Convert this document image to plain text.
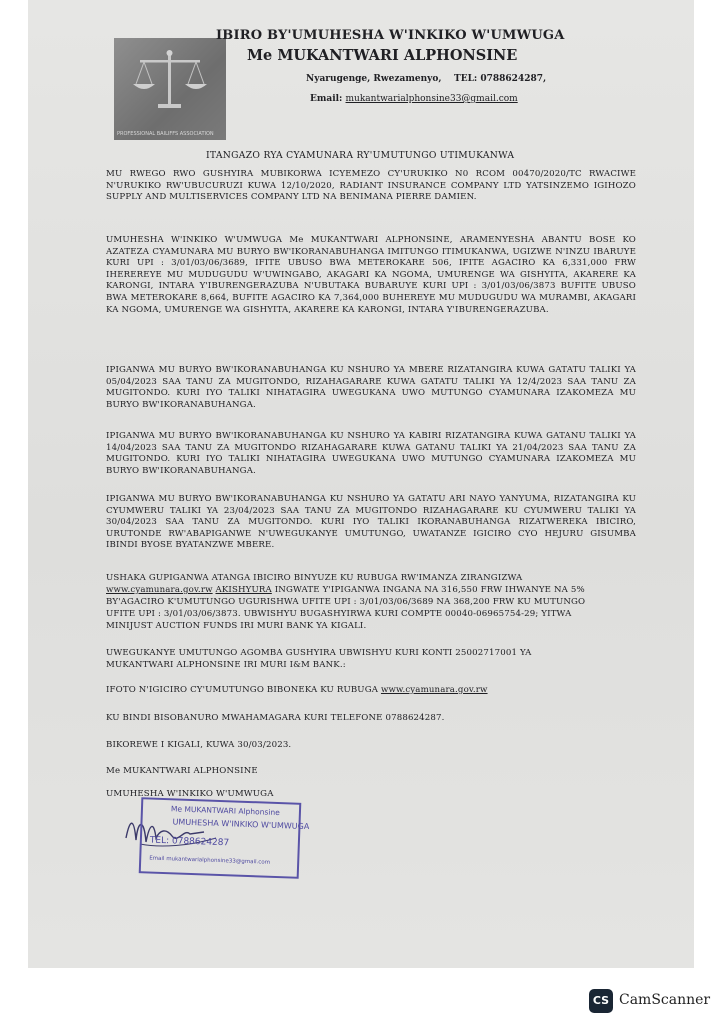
PROFESSIONAL BAILIFFS ASSOCIATION
IBIRO BY'UMUHESHA W'INKIKO W'UMWUGA
Me MUKANTWARI ALPHONSINE
Nyarugenge, Rwezamenyo, TEL: 0788624287,
Email: mukantwarialphonsine33@gmail.com
ITANGAZO RYA CYAMUNARA RY'UMUTUNGO UTIMUKANWA

MU RWEGO RWO GUSHYIRA MUBIKORWA ICYEMEZO CY'URUKIKO N0 RCOM 00470/2020/TC RWACIWE N'URUKIKO RW'UBUCURUZI KUWA 12/10/2020, RADIANT INSURANCE COMPANY LTD YATSINZEMO IGIHOZO SUPPLY AND MULTISERVICES COMPANY LTD NA BENIMANA PIERRE DAMIEN.

UMUHESHA W'INKIKO W'UMWUGA Me MUKANTWARI ALPHONSINE, ARAMENYESHA ABANTU BOSE KO AZATEZA CYAMUNARA MU BURYO BW'IKORANABUHANGA IMITUNGO ITIMUKANWA, UGIZWE N'INZU IBARUYE KURI UPI : 3/01/03/06/3689, IFITE UBUSO BWA METEROKARE 506, IFITE AGACIRO KA 6,331,000 FRW IHEREREYE MU MUDUGUDU W'UWINGABO, AKAGARI KA NGOMA, UMURENGE WA GISHYITA, AKARERE KA KARONGI, INTARA Y'IBURENGERAZUBA N'UBUTAKA BUBARUYE KURI UPI : 3/01/03/06/3873 BUFITE UBUSO BWA METEROKARE 8,664, BUFITE AGACIRO KA 7,364,000 BUHEREYE MU MUDUGUDU WA MURAMBI, AKAGARI KA NGOMA, UMURENGE WA GISHYITA, AKARERE KA KARONGI, INTARA Y'IBURENGERAZUBA.

IPIGANWA MU BURYO BW'IKORANABUHANGA KU NSHURO YA MBERE RIZATANGIRA KUWA GATATU TALIKI YA 05/04/2023 SAA TANU ZA MUGITONDO, RIZAHAGARARE KUWA GATATU TALIKI YA 12/4/2023 SAA TANU ZA MUGITONDO. KURI IYO TALIKI NIHATAGIRA UWEGUKANA UWO MUTUNGO CYAMUNARA IZAKOMEZA MU BURYO BW'IKORANABUHANGA.

IPIGANWA MU BURYO BW'IKORANABUHANGA KU NSHURO YA KABIRI RIZATANGIRA KUWA GATANU TALIKI YA 14/04/2023 SAA TANU ZA MUGITONDO RIZAHAGARARE KUWA GATANU TALIKI YA 21/04/2023 SAA TANU ZA MUGITONDO. KURI IYO TALIKI NIHATAGIRA UWEGUKANA UWO MUTUNGO CYAMUNARA IZAKOMEZA MU BURYO BW'IKORANABUHANGA.

IPIGANWA MU BURYO BW'IKORANABUHANGA KU NSHURO YA GATATU ARI NAYO YANYUMA, RIZATANGIRA KU CYUMWERU TALIKI YA 23/04/2023 SAA TANU ZA MUGITONDO RIZAHAGARARE KU CYUMWERU TALIKI YA 30/04/2023 SAA TANU ZA MUGITONDO. KURI IYO TALIKI IKORANABUHANGA RIZATWEREKA IBICIRO, URUTONDE RW'ABAPIGANWE N'UWEGUKANYE UMUTUNGO, UWATANZE IGICIRO CYO HEJURU GISUMBA IBINDI BYOSE BYATANZWE MBERE.

USHAKA GUPIGANWA ATANGA IBICIRO BINYUZE KU RUBUGA RW'IMANZA ZIRANGIZWA
www.cyamunara.gov.rw AKISHYURA INGWATE Y'IPIGANWA INGANA NA 316,550 FRW IHWANYE NA 5%
BY'AGACIRO K'UMUTUNGO UGURISHWA UFITE UPI : 3/01/03/06/3689 NA 368,200 FRW KU MUTUNGO
UFITE UPI : 3/01/03/06/3873. UBWISHYU BUGASHYIRWA KURI COMPTE 00040-06965754-29; YITWA
MINIJUST AUCTION FUNDS IRI MURI BANK YA KIGALI.
UWEGUKANYE UMUTUNGO AGOMBA GUSHYIRA UBWISHYU KURI KONTI 25002717001 YA
MUKANTWARI ALPHONSINE IRI MURI I&M BANK.:
IFOTO N'IGICIRO CY'UMUTUNGO BIBONEKA KU RUBUGA www.cyamunara.gov.rw
KU BINDI BISOBANURO MWAHAMAGARA KURI TELEFONE 0788624287.
BIKOREWE I KIGALI, KUWA 30/03/2023.
Me MUKANTWARI ALPHONSINE
UMUHESHA W'INKIKO W'UMWUGA
Me MUKANTWARI Alphonsine
UMUHESHA W'INKIKO W'UMWUGA
TEL: 0788624287
Email mukantwarialphonsine33@gmail.com
CS CamScanner
